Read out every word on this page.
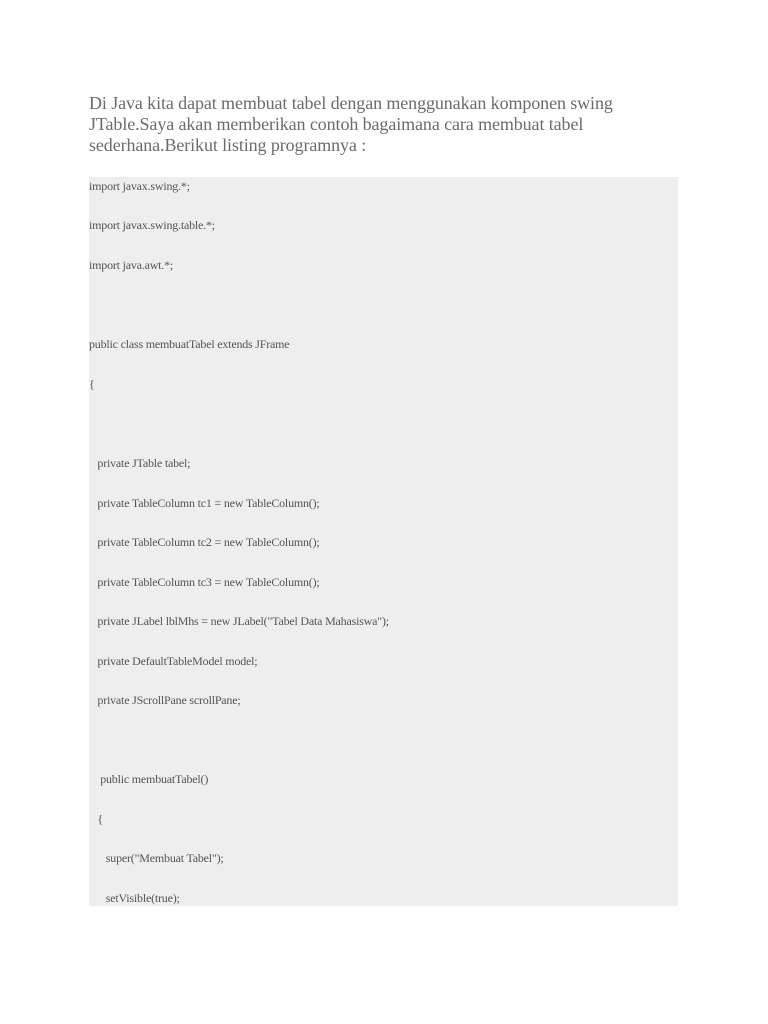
Di Java kita dapat membuat tabel dengan menggunakan komponen swing JTable.Saya akan memberikan contoh bagaimana cara membuat tabel sederhana.Berikut listing programnya :
import javax.swing.*;
import javax.swing.table.*;
import java.awt.*;
public class membuatTabel extends JFrame
{
private JTable tabel;
private TableColumn tc1 = new TableColumn();
private TableColumn tc2 = new TableColumn();
private TableColumn tc3 = new TableColumn();
private JLabel lblMhs = new JLabel("Tabel Data Mahasiswa");
private DefaultTableModel model;
private JScrollPane scrollPane;
public membuatTabel()
{
super("Membuat Tabel");
setVisible(true);
